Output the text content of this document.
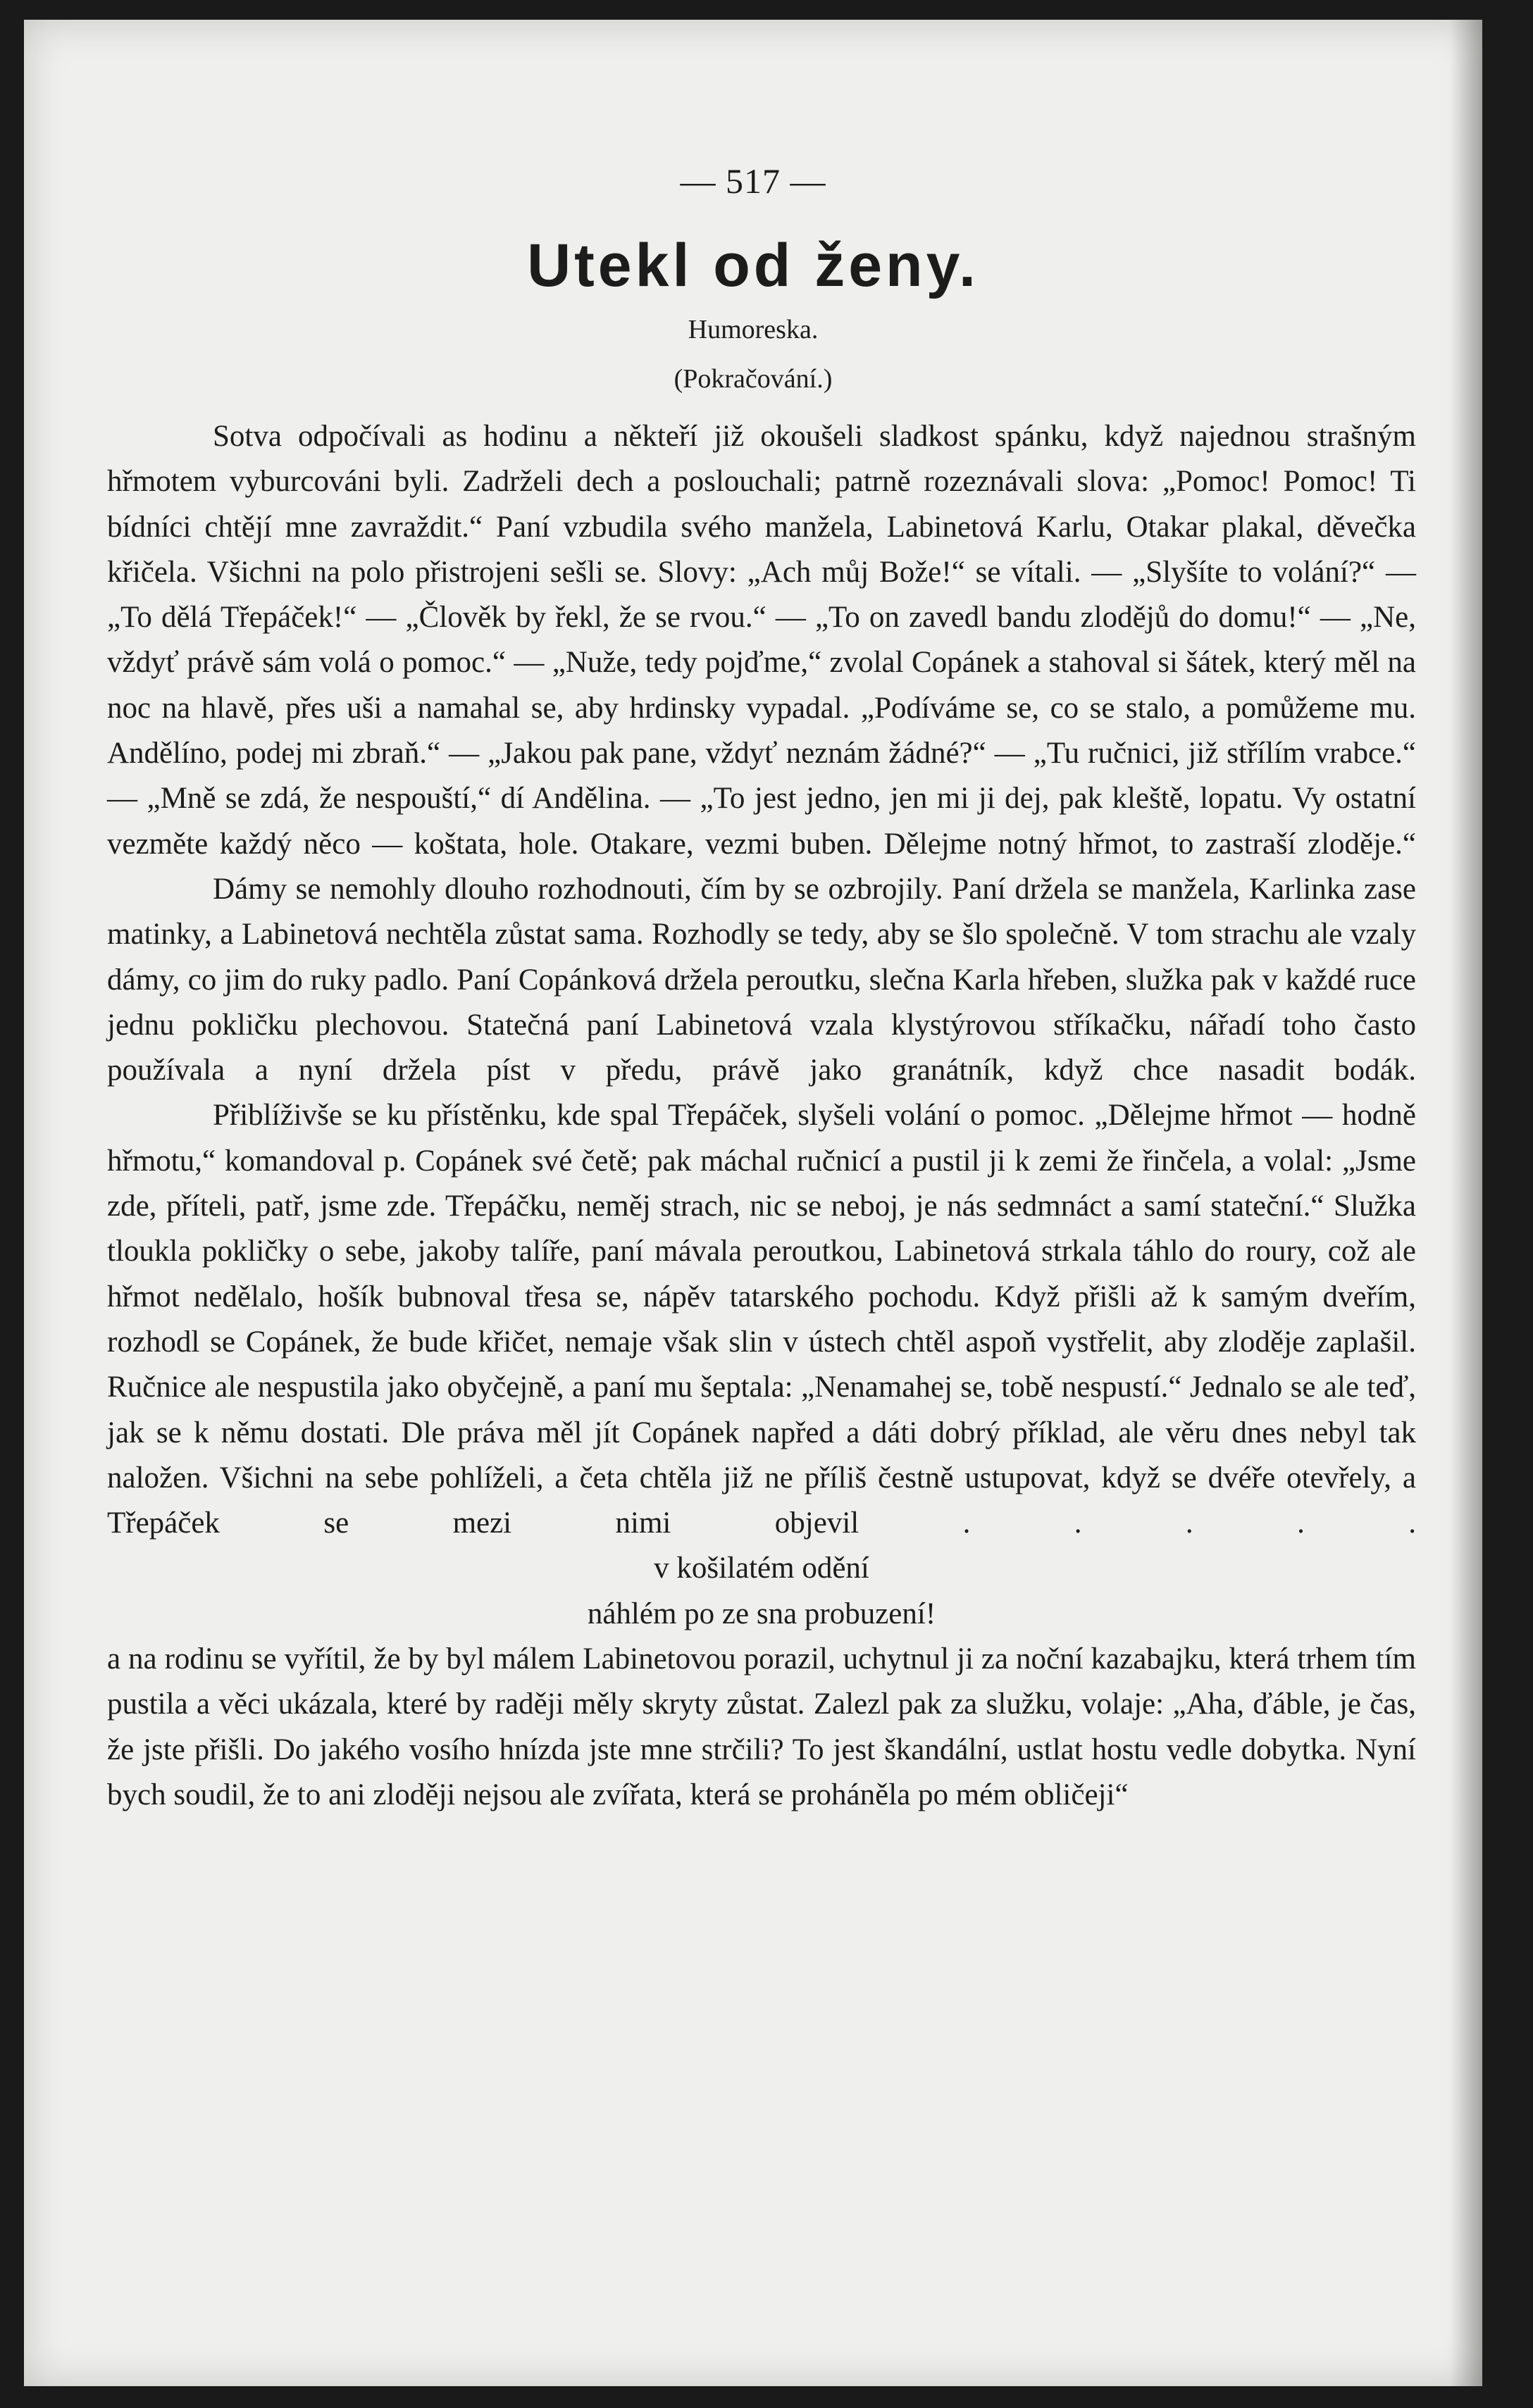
— 517 —
Utekl od ženy.
Humoreska.
(Pokračování.)

Sotva odpočívali as hodinu a někteří již okoušeli sladkost spánku, když najednou strašným hřmotem vyburcováni byli. Zadrželi dech a poslouchali; patrně rozeznávali slova: „Pomoc! Pomoc! Ti bídníci chtějí mne zavraždit.“ Paní vzbudila svého manžela, Labinetová Karlu, Otakar plakal, děvečka křičela. Všichni na polo přistrojeni sešli se. Slovy: „Ach můj Bože!“ se vítali. — „Slyšíte to volání?“ — „To dělá Třepáček!“ — „Člověk by řekl, že se rvou.“ — „To on zavedl bandu zlodějů do domu!“ — „Ne, vždyť právě sám volá o pomoc.“ — „Nuže, tedy pojďme,“ zvolal Copánek a stahoval si šátek, který měl na noc na hlavě, přes uši a namahal se, aby hrdinsky vypadal. „Podíváme se, co se stalo, a pomůžeme mu. Andělíno, podej mi zbraň.“ — „Jakou pak pane, vždyť neznám žádné?“ — „Tu ručnici, již střílím vrabce.“ — „Mně se zdá, že nespouští,“ dí Andělina. — „To jest jedno, jen mi ji dej, pak kleště, lopatu. Vy ostatní vezměte každý něco — koštata, hole. Otakare, vezmi buben. Dělejme notný hřmot, to zastraší zloděje.“

Dámy se nemohly dlouho rozhodnouti, čím by se ozbrojily. Paní držela se manžela, Karlinka zase matinky, a Labinetová nechtěla zůstat sama. Rozhodly se tedy, aby se šlo společně. V tom strachu ale vzaly dámy, co jim do ruky padlo. Paní Copánková držela peroutku, slečna Karla hřeben, služka pak v každé ruce jednu pokličku plechovou. Statečná paní Labinetová vzala klystýrovou stříkačku, nářadí toho často používala a nyní držela píst v předu, právě jako granátník, když chce nasadit bodák.

Přiblíživše se ku přístěnku, kde spal Třepáček, slyšeli volání o pomoc. „Dělejme hřmot — hodně hřmotu,“ komandoval p. Copánek své četě; pak máchal ručnicí a pustil ji k zemi že řinčela, a volal: „Jsme zde, příteli, patř, jsme zde. Třepáčku, neměj strach, nic se neboj, je nás sedmnáct a samí stateční.“ Služka tloukla pokličky o sebe, jakoby talíře, paní mávala peroutkou, Labinetová strkala táhlo do roury, což ale hřmot nedělalo, hošík bubnoval třesa se, nápěv tatarského pochodu. Když přišli až k samým dveřím, rozhodl se Copánek, že bude křičet, nemaje však slin v ústech chtěl aspoň vystřelit, aby zloděje zaplašil. Ručnice ale nespustila jako obyčejně, a paní mu šeptala: „Nenamahej se, tobě nespustí.“ Jednalo se ale teď, jak se k němu dostati. Dle práva měl jít Copánek napřed a dáti dobrý příklad, ale věru dnes nebyl tak naložen. Všichni na sebe pohlíželi, a četa chtěla již ne příliš čestně ustupovat, když se dvéře otevřely, a Třepáček se mezi nimi objevil . . . . .

v košilatém odění

náhlém po ze sna probuzení!

a na rodinu se vyřítil, že by byl málem Labinetovou porazil, uchytnul ji za noční kazabajku, která trhem tím pustila a věci ukázala, které by raději měly skryty zůstat. Zalezl pak za služku, volaje: „Aha, ďáble, je čas, že jste přišli. Do jakého vosího hnízda jste mne strčili? To jest škandální, ustlat hostu vedle dobytka. Nyní bych soudil, že to ani zloději nejsou ale zvířata, která se proháněla po mém obličeji“
